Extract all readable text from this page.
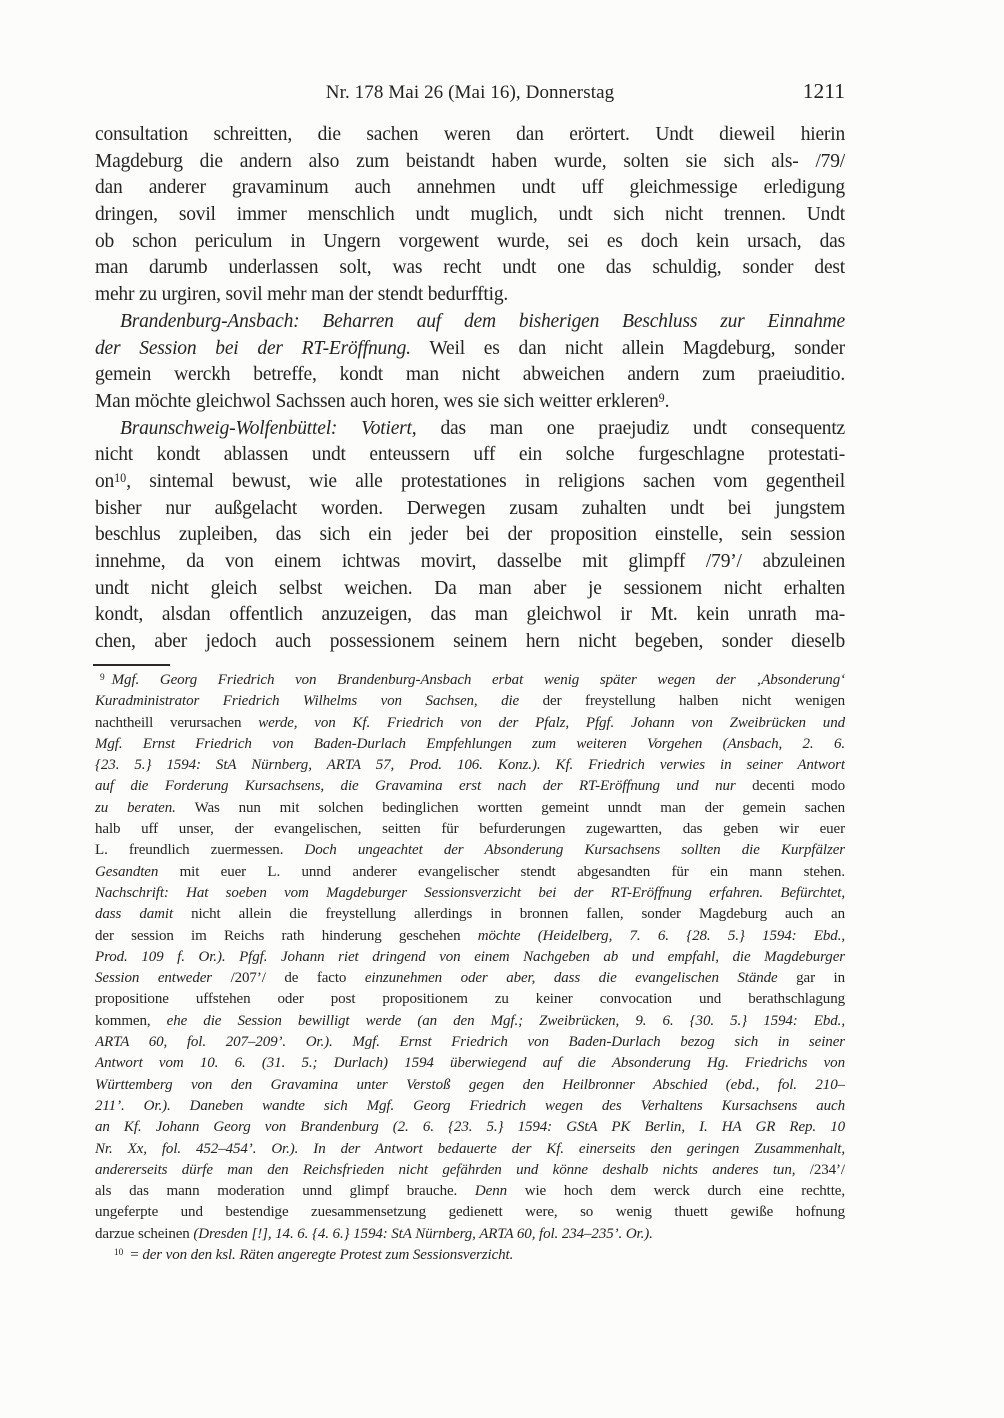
Nr. 178 Mai 26 (Mai 16), Donnerstag	1211
consultation schreitten, die sachen weren dan erörtert. Undt dieweil hierin
Magdeburg die andern also zum beistandt haben wurde, solten sie sich als- /79/
dan anderer gravaminum auch annehmen undt uff gleichmessige erledigung
dringen, sovil immer menschlich undt muglich, undt sich nicht trennen. Undt
ob schon periculum in Ungern vorgewent wurde, sei es doch kein ursach, das
man darumb underlassen solt, was recht undt one das schuldig, sonder dest
mehr zu urgiren, sovil mehr man der stendt bedurfftig.
Brandenburg-Ansbach: Beharren auf dem bisherigen Beschluss zur Einnahme
der Session bei der RT-Eröffnung. Weil es dan nicht allein Magdeburg, sonder
gemein werckh betreffe, kondt man nicht abweichen andern zum praeiuditio.
Man möchte gleichwol Sachssen auch horen, wes sie sich weitter erkleren$^9$.
Braunschweig-Wolfenbüttel: Votiert, das man one praejudiz undt consequentz
nicht kondt ablassen undt enteussern uff ein solche furgeschlagne protestati-
$on^{10}$, sintemal bewust, wie alle protestationes in religions sachen vom gegentheil
bisher nur außgelacht worden. Derwegen zusam zuhalten undt bei jungstem
beschlus zupleiben, das sich ein jeder bei der proposition einstelle, sein session
innehme, da von einem ichtwas movirt, dasselbe mit glimpff /79’/ abzuleinen
undt nicht gleich selbst weichen. Da man aber je sessionem nicht erhalten
kondt, alsdan offentlich anzuzeigen, das man gleichwol ir Mt. kein unrath ma-
chen, aber jedoch auch possessionem seinem hern nicht begeben, sonder dieselb
$^9$ Mgf. Georg Friedrich von Brandenburg-Ansbach erbat wenig später wegen der ‚Absonderung‘
Kuradministrator Friedrich Wilhelms von Sachsen, die der freystellung halben nicht wenigen
nachtheill verursachen werde, von Kf. Friedrich von der Pfalz, Pfgf. Johann von Zweibrücken und
Mgf. Ernst Friedrich von Baden-Durlach Empfehlungen zum weiteren Vorgehen (Ansbach, 2. 6.
{23. 5.} 1594: StA Nürnberg, ARTA 57, Prod. 106. Konz.). Kf. Friedrich verwies in seiner Antwort
auf die Forderung Kursachsens, die Gravamina erst nach der RT-Eröffnung und nur decenti modo
zu beraten. Was nun mit solchen bedinglichen wortten gemeint unndt man der gemein sachen
halb uff unser, der evangelischen, seitten für befurderungen zugewartten, das geben wir euer
L. freundlich zuermessen. Doch ungeachtet der Absonderung Kursachsens sollten die Kurpfälzer
Gesandten mit euer L. unnd anderer evangelischer stendt abgesandten für ein mann stehen.
Nachschrift: Hat soeben vom Magdeburger Sessionsverzicht bei der RT-Eröffnung erfahren. Befürchtet,
dass damit nicht allein die freystellung allerdings in bronnen fallen, sonder Magdeburg auch an
der session im Reichs rath hinderung geschehen möchte (Heidelberg, 7. 6. {28. 5.} 1594: Ebd.,
Prod. 109 f. Or.). Pfgf. Johann riet dringend von einem Nachgeben ab und empfahl, die Magdeburger
Session entweder /207’/ de facto einzunehmen oder aber, dass die evangelischen Stände gar in
propositione uffstehen oder post propositionem zu keiner convocation und berathschlagung
kommen, ehe die Session bewilligt werde (an den Mgf.; Zweibrücken, 9. 6. {30. 5.} 1594: Ebd.,
ARTA 60, fol. 207–209’. Or.). Mgf. Ernst Friedrich von Baden-Durlach bezog sich in seiner
Antwort vom 10. 6. (31. 5.; Durlach) 1594 überwiegend auf die Absonderung Hg. Friedrichs von
Württemberg von den Gravamina unter Verstoß gegen den Heilbronner Abschied (ebd., fol. 210–
211’. Or.). Daneben wandte sich Mgf. Georg Friedrich wegen des Verhaltens Kursachsens auch
an Kf. Johann Georg von Brandenburg (2. 6. {23. 5.} 1594: GStA PK Berlin, I. HA GR Rep. 10
Nr. Xx, fol. 452–454’. Or.). In der Antwort bedauerte der Kf. einerseits den geringen Zusammenhalt,
andererseits dürfe man den Reichsfrieden nicht gefährden und könne deshalb nichts anderes tun, /234’/
als das mann moderation unnd glimpf brauche. Denn wie hoch dem werck durch eine rechtte,
ungeferpte und bestendige zuesammensetzung gedienett were, so wenig thuett gewiße hofnung
darzue scheinen (Dresden [!], 14. 6. {4. 6.} 1594: StA Nürnberg, ARTA 60, fol. 234–235’. Or.).
$^{10}$ = der von den ksl. Räten angeregte Protest zum Sessionsverzicht.
